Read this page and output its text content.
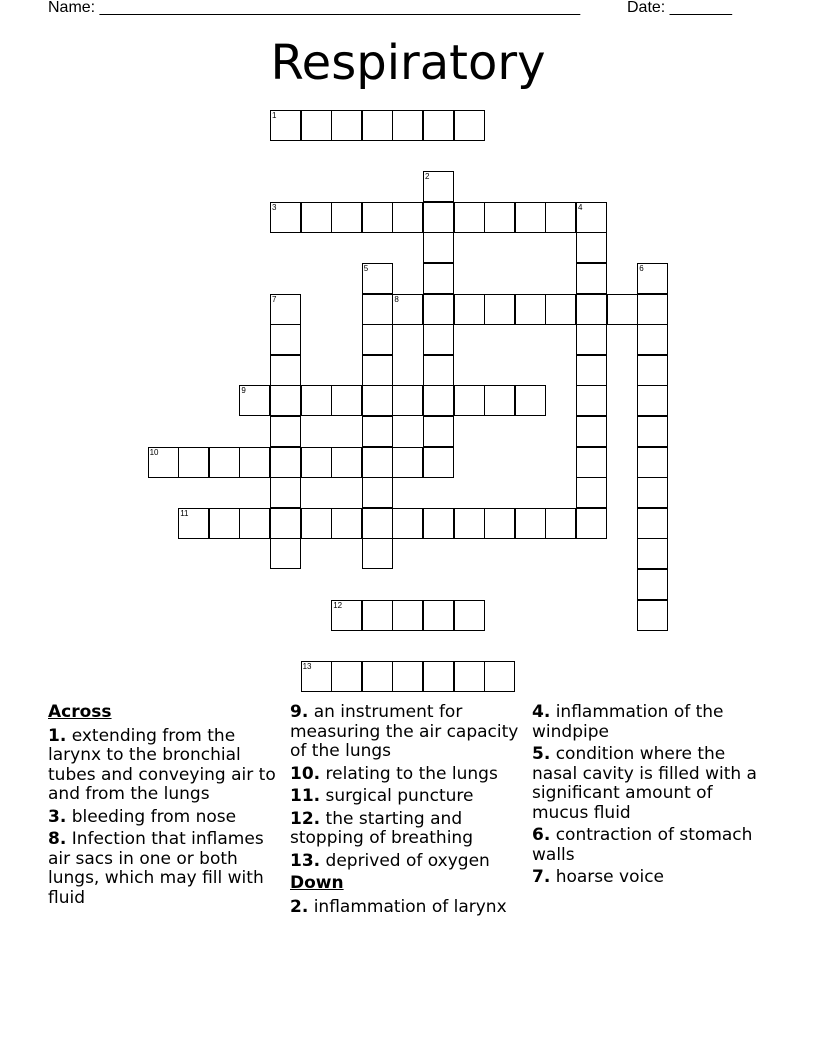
Name: ______________________________________________________	Date: _______
Respiratory
1
2
3	4
5	6
7	8
9
10
11
12
13
Across
1. extending from the larynx to the bronchial tubes and conveying air to and from the lungs
3. bleeding from nose
8. Infection that inflames air sacs in one or both lungs, which may fill with fluid
9. an instrument for measuring the air capacity of the lungs
10. relating to the lungs
11. surgical puncture
12. the starting and stopping of breathing
13. deprived of oxygen
Down
2. inflammation of larynx
4. inflammation of the windpipe
5. condition where the nasal cavity is filled with a significant amount of mucus fluid
6. contraction of stomach walls
7. hoarse voice
